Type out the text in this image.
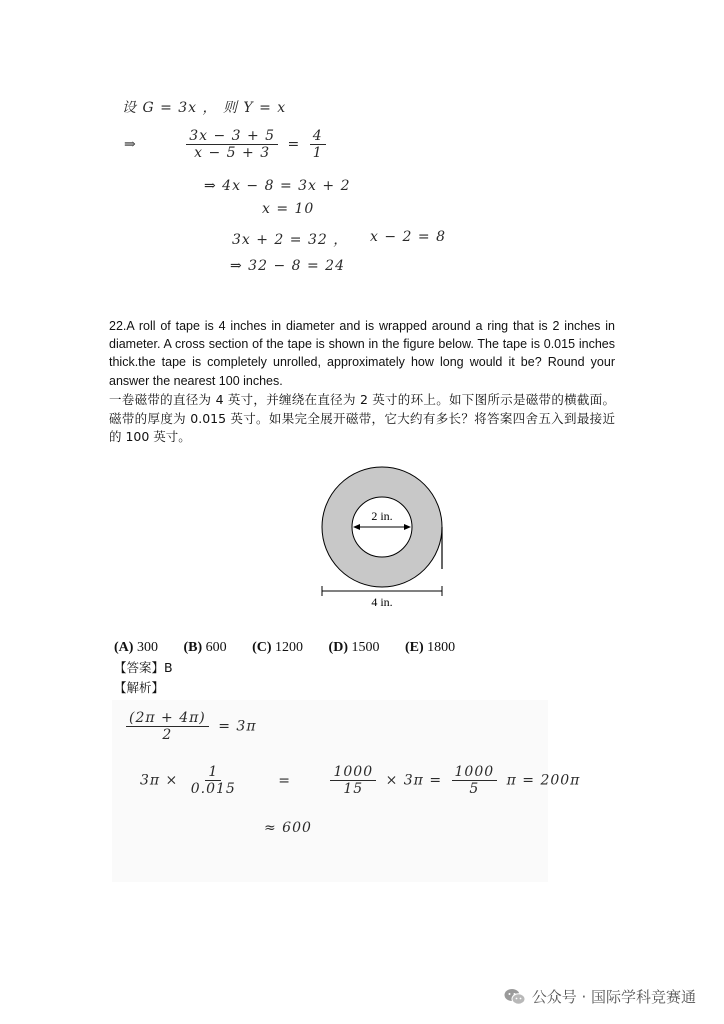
设 G = 3x ， 则 Y = x
⇒	$\frac{3x - 3 + 5}{x - 5 + 3} = \frac{4}{1}$
⇒ 4x − 8 = 3x + 2
x = 10
3x + 2 = 32 ， x − 2 = 8
⇒ 32 − 8 = 24
22.A roll of tape is 4 inches in diameter and is wrapped around a ring that is 2 inches in diameter. A cross section of the tape is shown in the figure below. The tape is 0.015 inches thick.the tape is completely unrolled, approximately how long would it be? Round your answer the nearest 100 inches.
一卷磁带的直径为 4 英寸，并缠绕在直径为 2 英寸的环上。如下图所示是磁带的横截面。磁带的厚度为 0.015 英寸。如果完全展开磁带，它大约有多长？将答案四舍五入到最接近的 100 英寸。
2 in.
4 in.
(A) 300 (B) 600 (C) 1200 (D) 1500 (E) 1800
【答案】B
【解析】
$\frac{(2\pi + 4\pi)}{2} = 3\pi$
$3\pi \times \frac{1}{0.015}$	=	$\frac{1000}{15} \times 3\pi = \frac{1000}{5}$ π = 200π
≈ 600
公众号 · 国际学科竞赛通
